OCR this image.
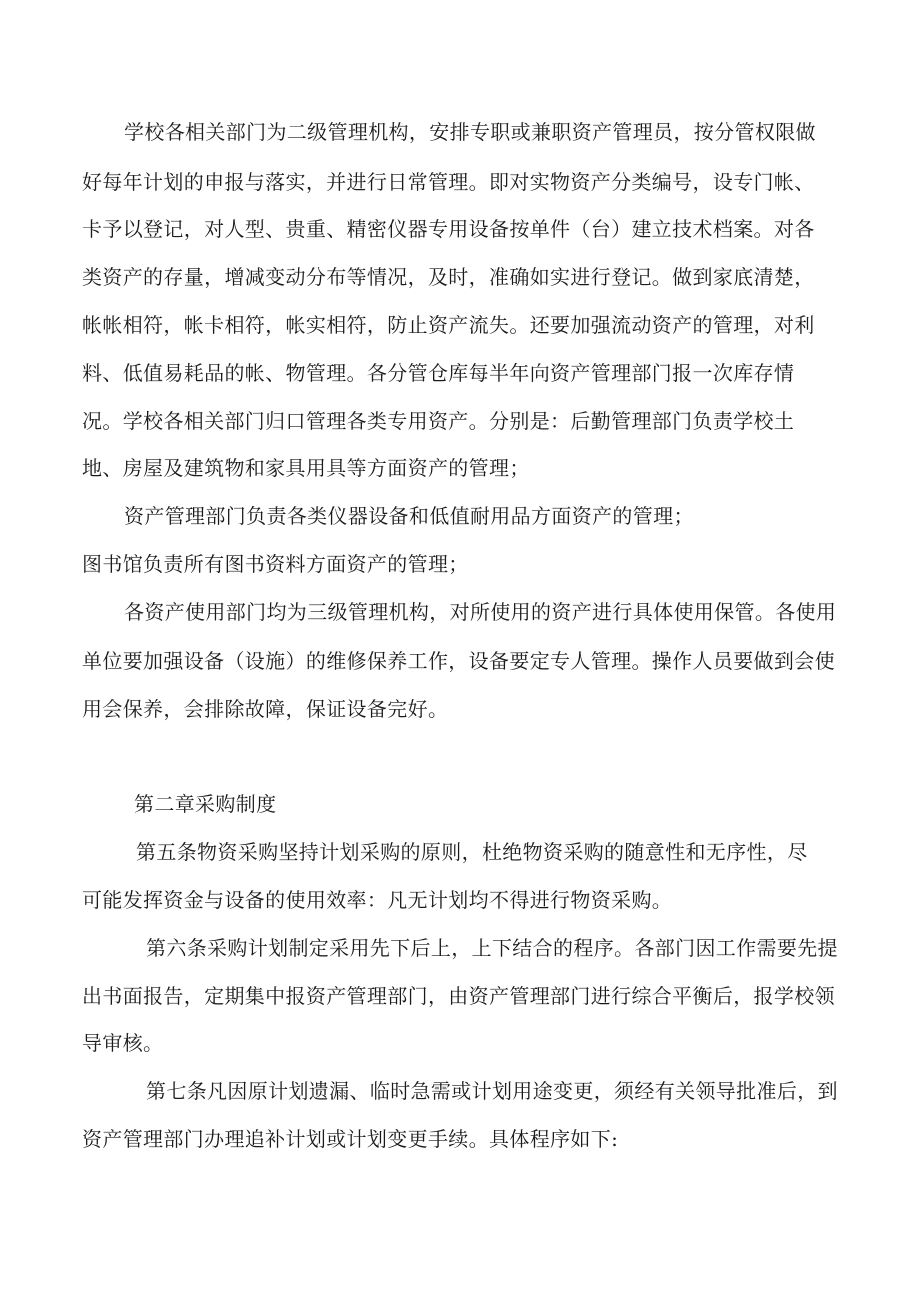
学校各相关部门为二级管理机构，安排专职或兼职资产管理员，按分管权限做
好每年计划的申报与落实，并进行日常管理。即对实物资产分类编号，设专门帐、
卡予以登记，对人型、贵重、精密仪器专用设备按单件（台）建立技术档案。对各
类资产的存量，增减变动分布等情况，及时，准确如实进行登记。做到家底清楚，
帐帐相符，帐卡相符，帐实相符，防止资产流失。还要加强流动资产的管理，对利
料、低值易耗品的帐、物管理。各分管仓库每半年向资产管理部门报一次库存情
况。学校各相关部门归口管理各类专用资产。分别是：后勤管理部门负责学校土
地、房屋及建筑物和家具用具等方面资产的管理；
资产管理部门负责各类仪器设备和低值耐用品方面资产的管理；
图书馆负责所有图书资料方面资产的管理；
各资产使用部门均为三级管理机构，对所使用的资产进行具体使用保管。各使用
单位要加强设备（设施）的维修保养工作，设备要定专人管理。操作人员要做到会使
用会保养，会排除故障，保证设备完好。
第二章采购制度
第五条物资采购坚持计划采购的原则，杜绝物资采购的随意性和无序性，尽
可能发挥资金与设备的使用效率：凡无计划均不得进行物资采购。
第六条采购计划制定采用先下后上，上下结合的程序。各部门因工作需要先提
出书面报告，定期集中报资产管理部门，由资产管理部门进行综合平衡后，报学校领
导审核。
第七条凡因原计划遗漏、临时急需或计划用途变更，须经有关领导批准后，到
资产管理部门办理追补计划或计划变更手续。具体程序如下:
